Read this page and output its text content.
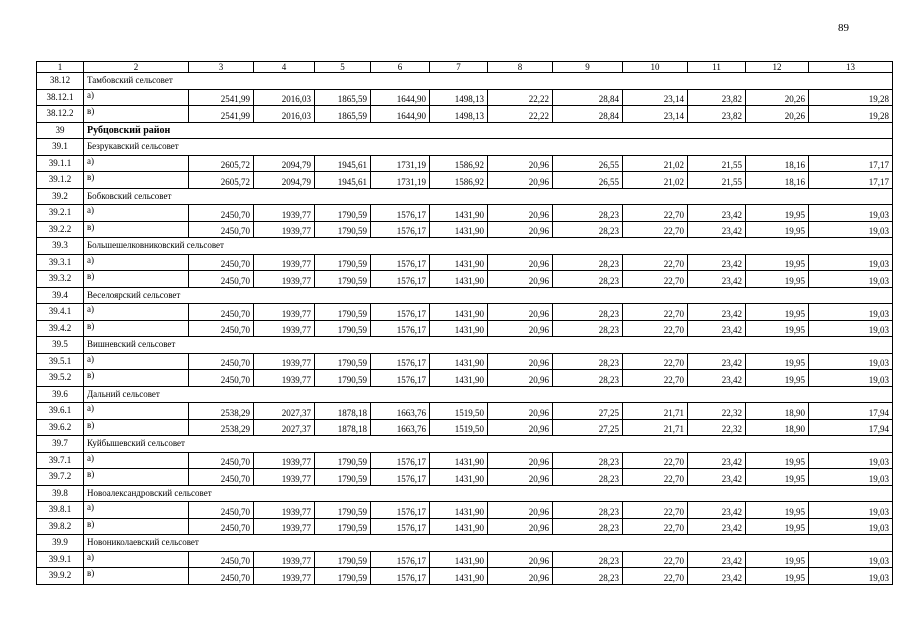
89
1	2	3	4	5	6	7	8	9	10	11	12	13
38.12	Тамбовский сельсовет											
38.12.1	а)	2541,99	2016,03	1865,59	1644,90	1498,13	22,22	28,84	23,14	23,82	20,26	19,28
38.12.2	в)	2541,99	2016,03	1865,59	1644,90	1498,13	22,22	28,84	23,14	23,82	20,26	19,28
39	Рубцовский район											
39.1	Безрукавский сельсовет											
39.1.1	а)	2605,72	2094,79	1945,61	1731,19	1586,92	20,96	26,55	21,02	21,55	18,16	17,17
39.1.2	в)	2605,72	2094,79	1945,61	1731,19	1586,92	20,96	26,55	21,02	21,55	18,16	17,17
39.2	Бобковский сельсовет											
39.2.1	а)	2450,70	1939,77	1790,59	1576,17	1431,90	20,96	28,23	22,70	23,42	19,95	19,03
39.2.2	в)	2450,70	1939,77	1790,59	1576,17	1431,90	20,96	28,23	22,70	23,42	19,95	19,03
39.3	Большешелковниковский сельсовет											
39.3.1	а)	2450,70	1939,77	1790,59	1576,17	1431,90	20,96	28,23	22,70	23,42	19,95	19,03
39.3.2	в)	2450,70	1939,77	1790,59	1576,17	1431,90	20,96	28,23	22,70	23,42	19,95	19,03
39.4	Веселоярский сельсовет											
39.4.1	а)	2450,70	1939,77	1790,59	1576,17	1431,90	20,96	28,23	22,70	23,42	19,95	19,03
39.4.2	в)	2450,70	1939,77	1790,59	1576,17	1431,90	20,96	28,23	22,70	23,42	19,95	19,03
39.5	Вишневский сельсовет											
39.5.1	а)	2450,70	1939,77	1790,59	1576,17	1431,90	20,96	28,23	22,70	23,42	19,95	19,03
39.5.2	в)	2450,70	1939,77	1790,59	1576,17	1431,90	20,96	28,23	22,70	23,42	19,95	19,03
39.6	Дальний сельсовет											
39.6.1	а)	2538,29	2027,37	1878,18	1663,76	1519,50	20,96	27,25	21,71	22,32	18,90	17,94
39.6.2	в)	2538,29	2027,37	1878,18	1663,76	1519,50	20,96	27,25	21,71	22,32	18,90	17,94
39.7	Куйбышевский сельсовет											
39.7.1	а)	2450,70	1939,77	1790,59	1576,17	1431,90	20,96	28,23	22,70	23,42	19,95	19,03
39.7.2	в)	2450,70	1939,77	1790,59	1576,17	1431,90	20,96	28,23	22,70	23,42	19,95	19,03
39.8	Новоалександровский сельсовет											
39.8.1	а)	2450,70	1939,77	1790,59	1576,17	1431,90	20,96	28,23	22,70	23,42	19,95	19,03
39.8.2	в)	2450,70	1939,77	1790,59	1576,17	1431,90	20,96	28,23	22,70	23,42	19,95	19,03
39.9	Новониколаевский сельсовет											
39.9.1	а)	2450,70	1939,77	1790,59	1576,17	1431,90	20,96	28,23	22,70	23,42	19,95	19,03
39.9.2	в)	2450,70	1939,77	1790,59	1576,17	1431,90	20,96	28,23	22,70	23,42	19,95	19,03
